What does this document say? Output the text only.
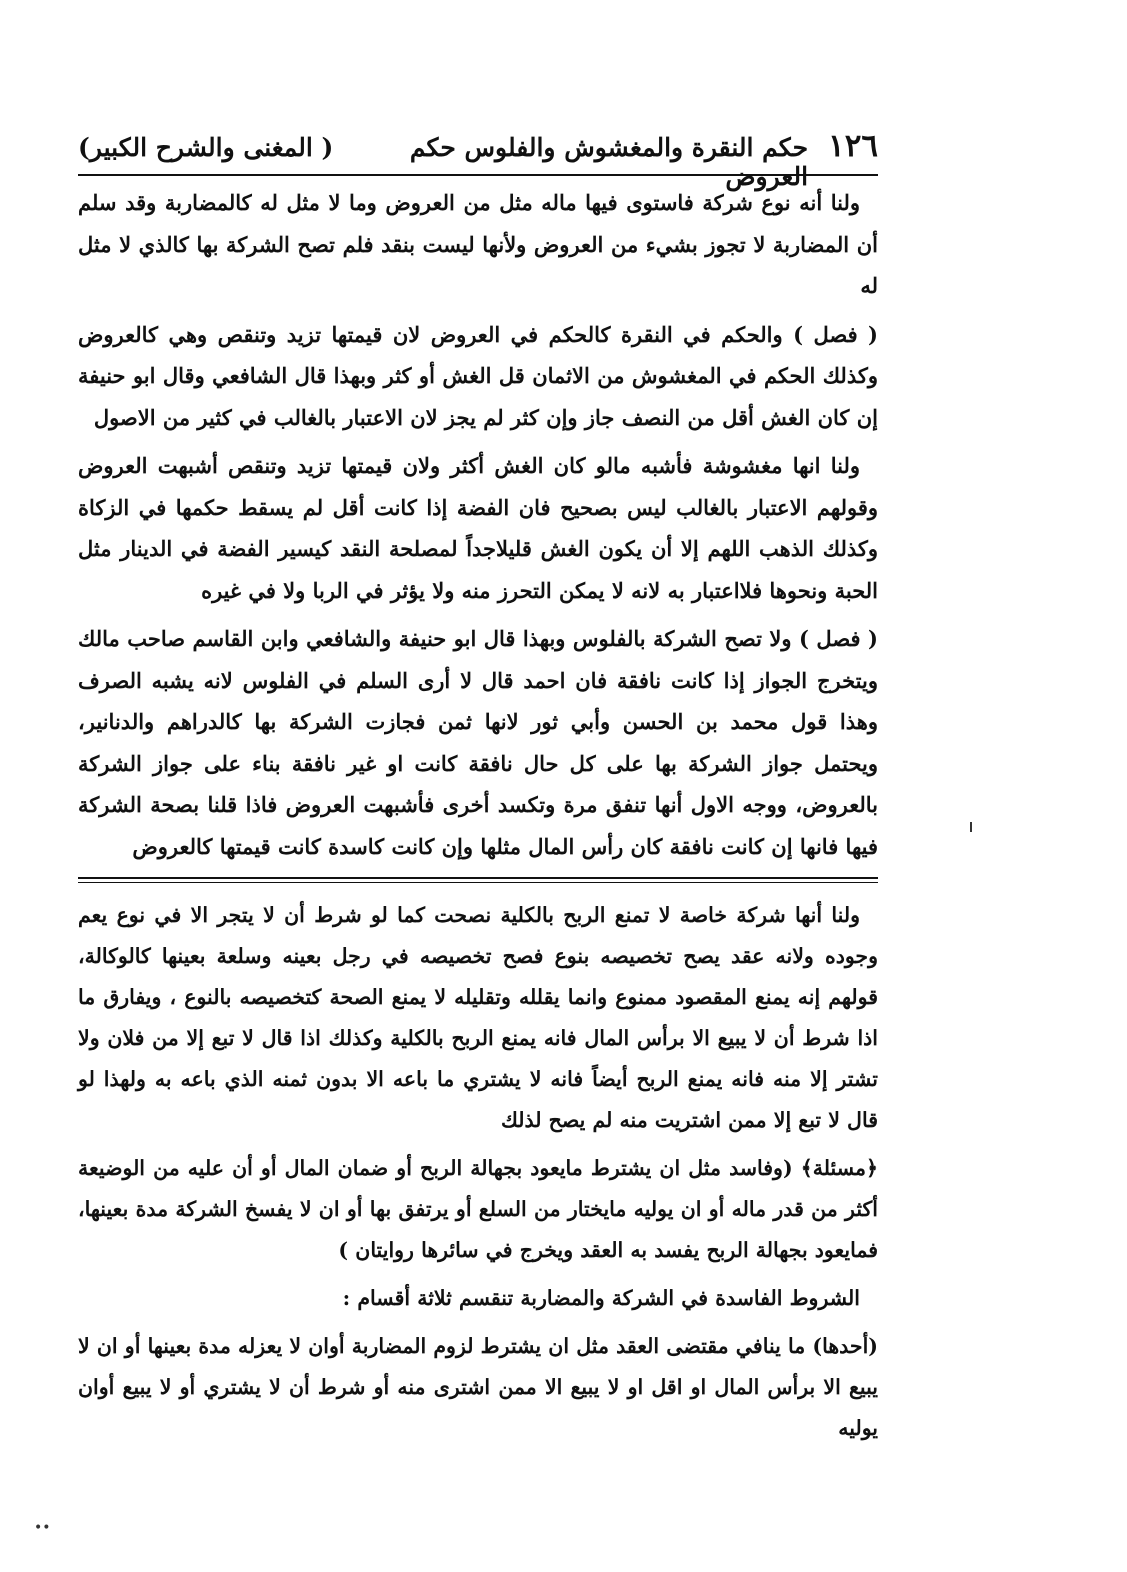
١٢٦
حكم النقرة والمغشوش والفلوس حكم العروض
( المغنى والشرح الكبير)

ولنا أنه نوع شركة فاستوى فيها ماله مثل من العروض وما لا مثل له كالمضاربة وقد سلم أن المضاربة لا تجوز بشيء من العروض ولأنها ليست بنقد فلم تصح الشركة بها كالذي لا مثل له

( فصل ) والحكم في النقرة كالحكم في العروض لان قيمتها تزيد وتنقص وهي كالعروض وكذلك الحكم في المغشوش من الاثمان قل الغش أو كثر وبهذا قال الشافعي وقال ابو حنيفة إن كان الغش أقل من النصف جاز وإن كثر لم يجز لان الاعتبار بالغالب في كثير من الاصول

ولنا انها مغشوشة فأشبه مالو كان الغش أكثر ولان قيمتها تزيد وتنقص أشبهت العروض وقولهم الاعتبار بالغالب ليس بصحيح فان الفضة إذا كانت أقل لم يسقط حكمها في الزكاة وكذلك الذهب اللهم إلا أن يكون الغش قليلاجداً لمصلحة النقد كيسير الفضة في الدينار مثل الحبة ونحوها فلااعتبار به لانه لا يمكن التحرز منه ولا يؤثر في الربا ولا في غيره

( فصل ) ولا تصح الشركة بالفلوس وبهذا قال ابو حنيفة والشافعي وابن القاسم صاحب مالك ويتخرج الجواز إذا كانت نافقة فان احمد قال لا أرى السلم في الفلوس لانه يشبه الصرف وهذا قول محمد بن الحسن وأبي ثور لانها ثمن فجازت الشركة بها كالدراهم والدنانير، ويحتمل جواز الشركة بها على كل حال نافقة كانت او غير نافقة بناء على جواز الشركة بالعروض، ووجه الاول أنها تنفق مرة وتكسد أخرى فأشبهت العروض فاذا قلنا بصحة الشركة فيها فانها إن كانت نافقة كان رأس المال مثلها وإن كانت كاسدة كانت قيمتها كالعروض

ولنا أنها شركة خاصة لا تمنع الربح بالكلية نصحت كما لو شرط أن لا يتجر الا في نوع يعم وجوده ولانه عقد يصح تخصيصه بنوع فصح تخصيصه في رجل بعينه وسلعة بعينها كالوكالة، قولهم إنه يمنع المقصود ممنوع وانما يقلله وتقليله لا يمنع الصحة كتخصيصه بالنوع ، ويفارق ما اذا شرط أن لا يبيع الا برأس المال فانه يمنع الربح بالكلية وكذلك اذا قال لا تبع إلا من فلان ولا تشتر إلا منه فانه يمنع الربح أيضاً فانه لا يشتري ما باعه الا بدون ثمنه الذي باعه به ولهذا لو قال لا تبع إلا ممن اشتريت منه لم يصح لذلك

﴿مسئلة﴾ (وفاسد مثل ان يشترط مايعود بجهالة الربح أو ضمان المال أو أن عليه من الوضيعة أكثر من قدر ماله أو ان يوليه مايختار من السلع أو يرتفق بها أو ان لا يفسخ الشركة مدة بعينها، فمايعود بجهالة الربح يفسد به العقد ويخرج في سائرها روايتان )

الشروط الفاسدة في الشركة والمضاربة تنقسم ثلاثة أقسام :

(أحدها) ما ينافي مقتضى العقد مثل ان يشترط لزوم المضاربة أوان لا يعزله مدة بعينها أو ان لا يبيع الا برأس المال او اقل او لا يبيع الا ممن اشترى منه أو شرط أن لا يشتري أو لا يبيع أوان يوليه

••
